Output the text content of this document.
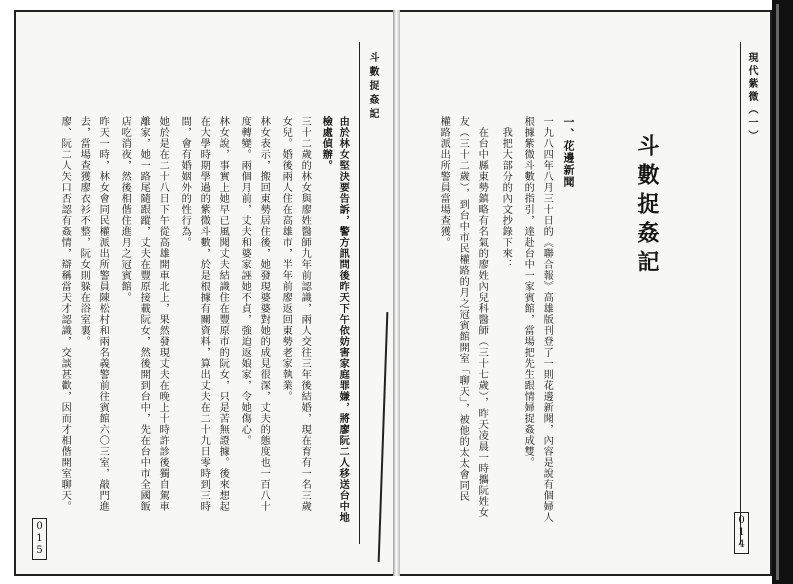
斗數捉姦記
由於林女堅決要告訴，警方訊問後昨天下午依妨害家庭罪嫌，將廖阮二人移送台中地
檢處偵辦。
三十二歲的林女與廖姓醫師九年前認識，兩人交往三年後結婚，現在育有一名三歲
女兒。婚後兩人住在高雄市，半年前廖返回東勢老家執業。
林女表示，搬回東勢居住後，她發現婆婆對她的成見很深，丈夫的態度也一百八十
度轉變。兩個月前，丈夫和婆家誣她不貞，強迫返娘家，令她傷心。
林女說，事實上她早已風聞丈夫結識住在豐原市的阮女，只是苦無證據。後來想起
在大學時期學過的紫微斗數，於是根據有關資料，算出丈夫在二十九日零時到三時
間，會有婚姻外的性行為。
她於是在二十八日下午從高雄開車北上，果然發現丈夫在晚上十時許診後獨自駕車
離家，她一路尾隨跟蹤，丈夫在豐原接載阮女，然後開到台中，先在台中市全國飯
店吃消夜，然後相偕住進月之冠賓館。
昨天一時，林女會同民權派出所警員陳松村和兩名義警前往賓館六〇三室，敲門進
去，當場查獲廖衣衫不整，阮女則躲在浴室裏。
廖、阮二人矢口否認有姦情，辯稱當天才認識，交談甚歡，因而才相偕開室聊天。
015
現代紫微（一）
斗數捉姦記
一、花邊新聞
一九八四年八月三十日的《聯合報》高雄版刊登了一則花邊新聞，內容是說有個婦人
根據紫微斗數的指引，達赴台中一家賓館，當場把先生跟情婦捉姦成雙。
我把大部分的內文抄錄下來：
在台中縣東勢鎮略有名氣的廖姓內兒科醫師（三十七歲），昨天凌晨一時攜阮姓女
友（三十二歲），到台中市民權路的月之冠賓館開室「聊天」，被他的太太會同民
權路派出所警員當場查獲。
014
